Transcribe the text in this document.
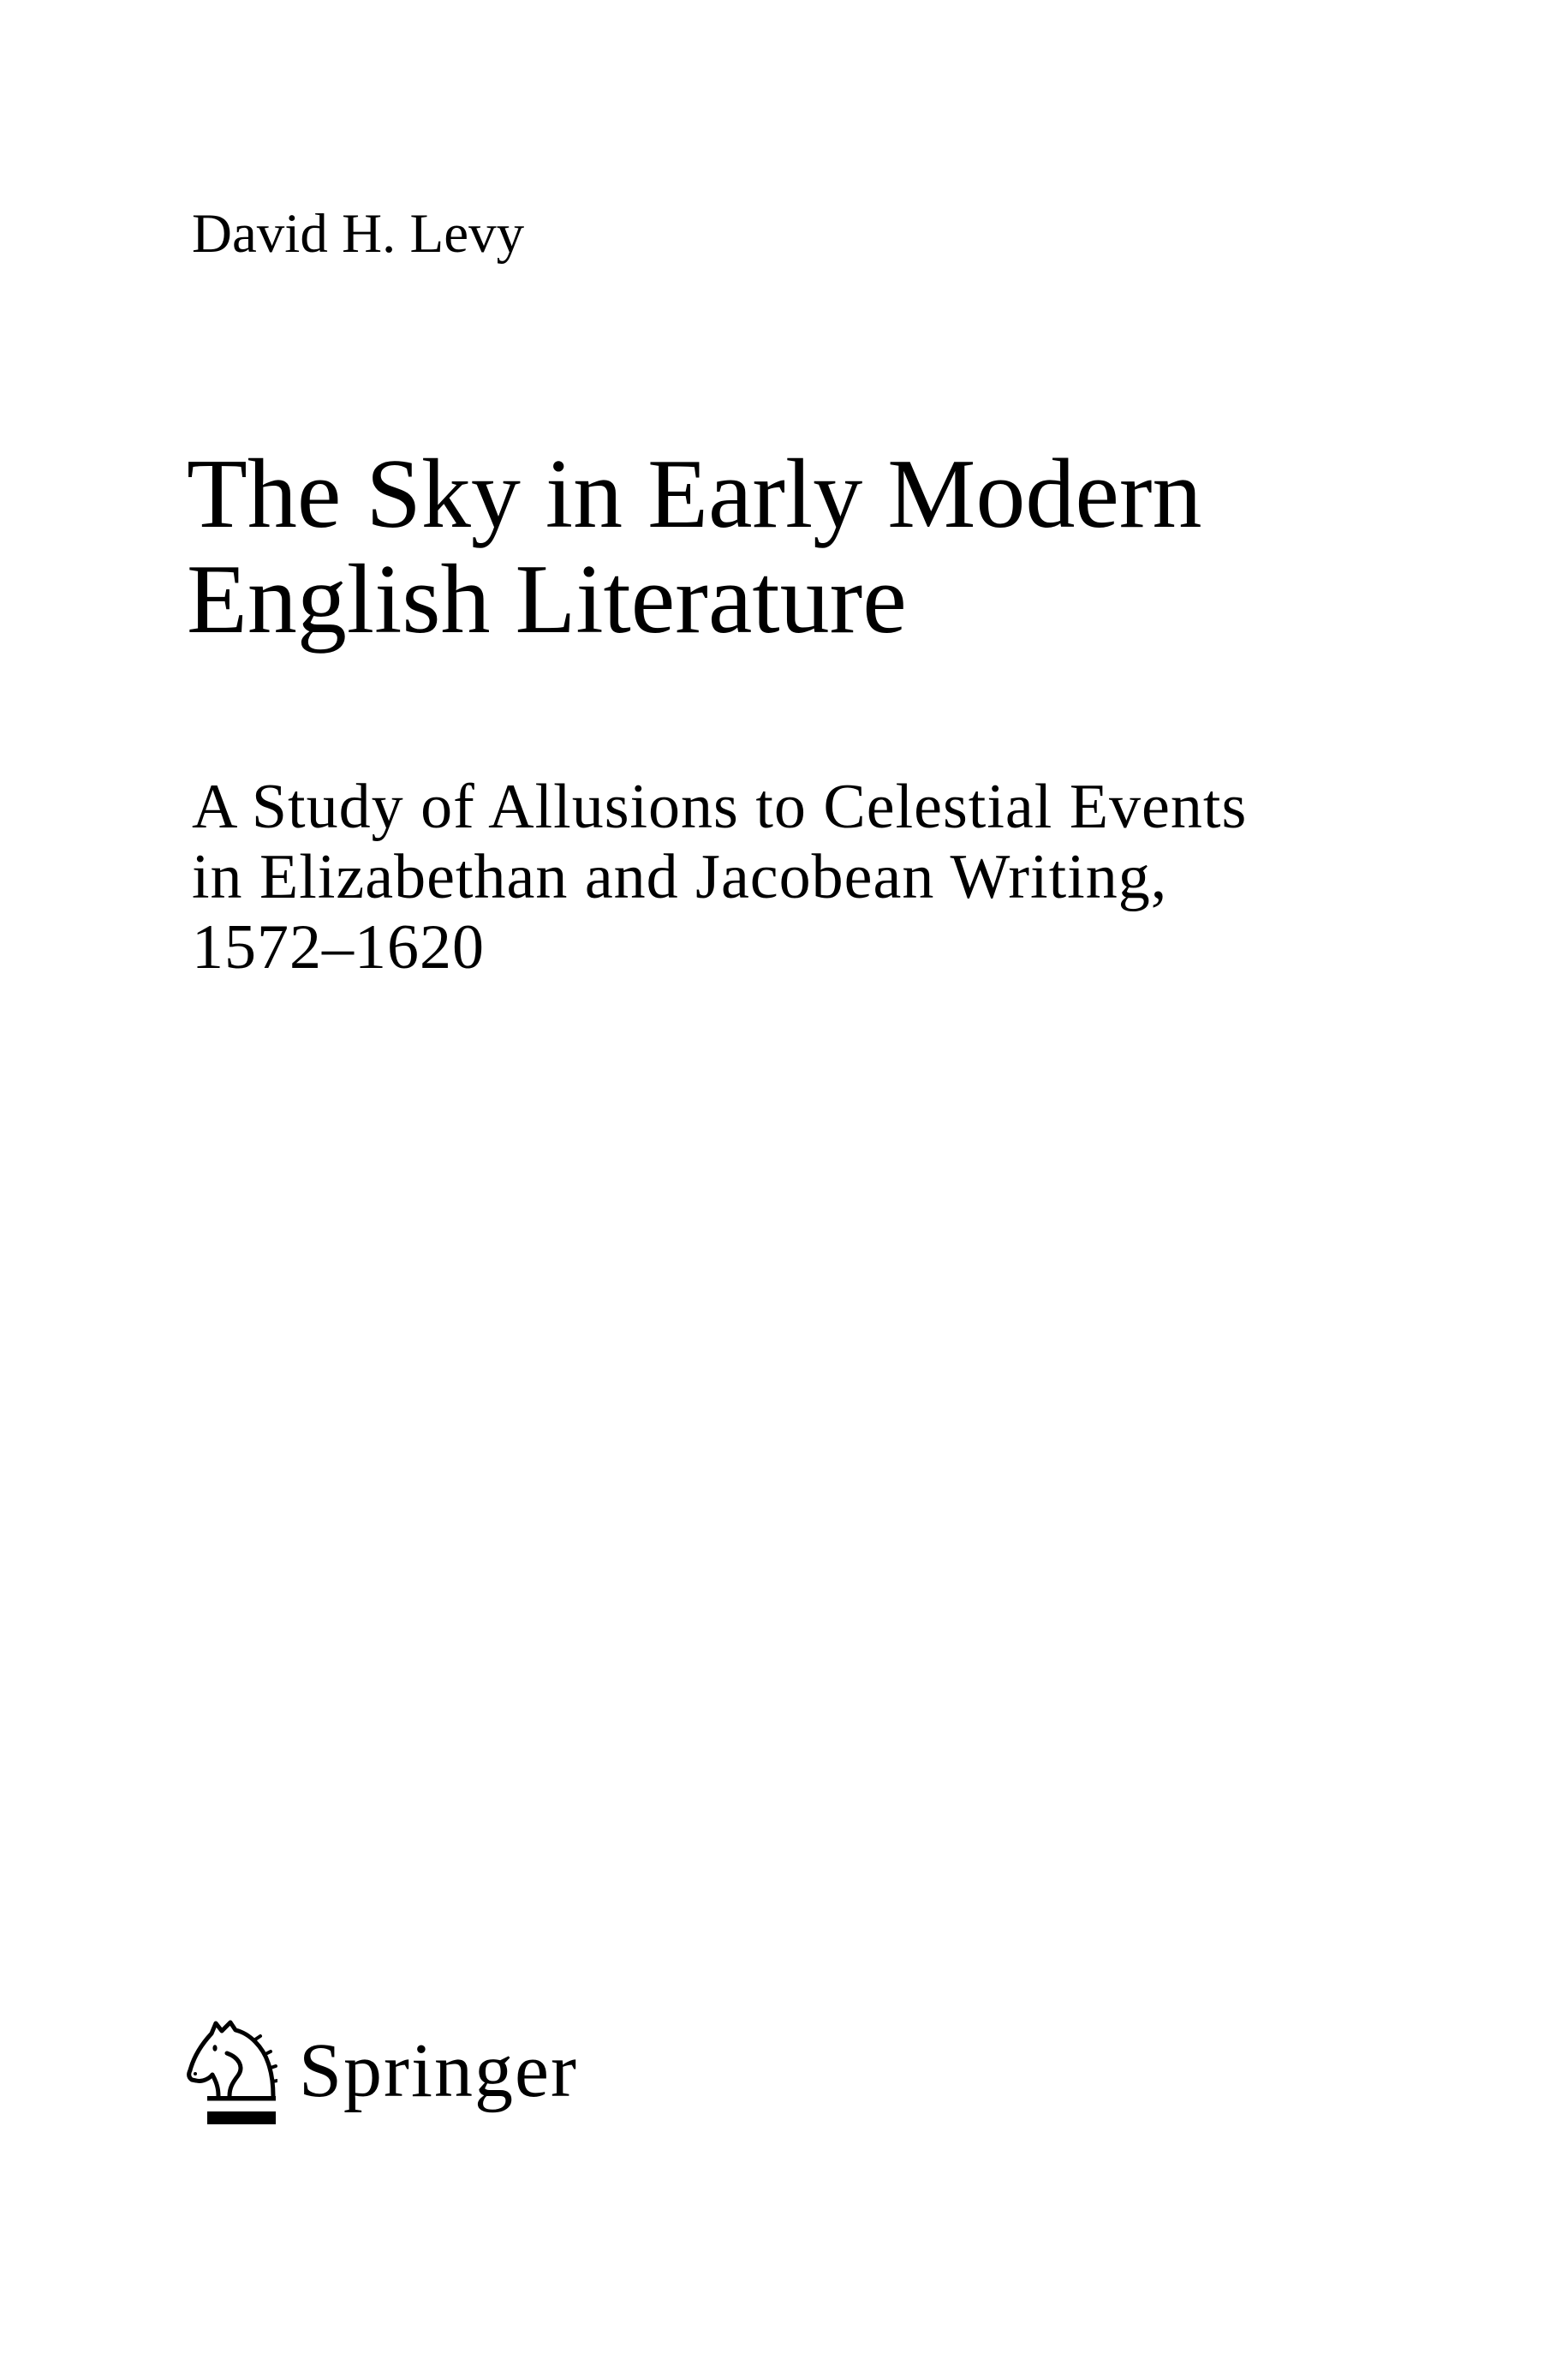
David H. Levy
The Sky in Early Modern
English Literature
A Study of Allusions to Celestial Events
in Elizabethan and Jacobean Writing,
1572–1620
Springer
